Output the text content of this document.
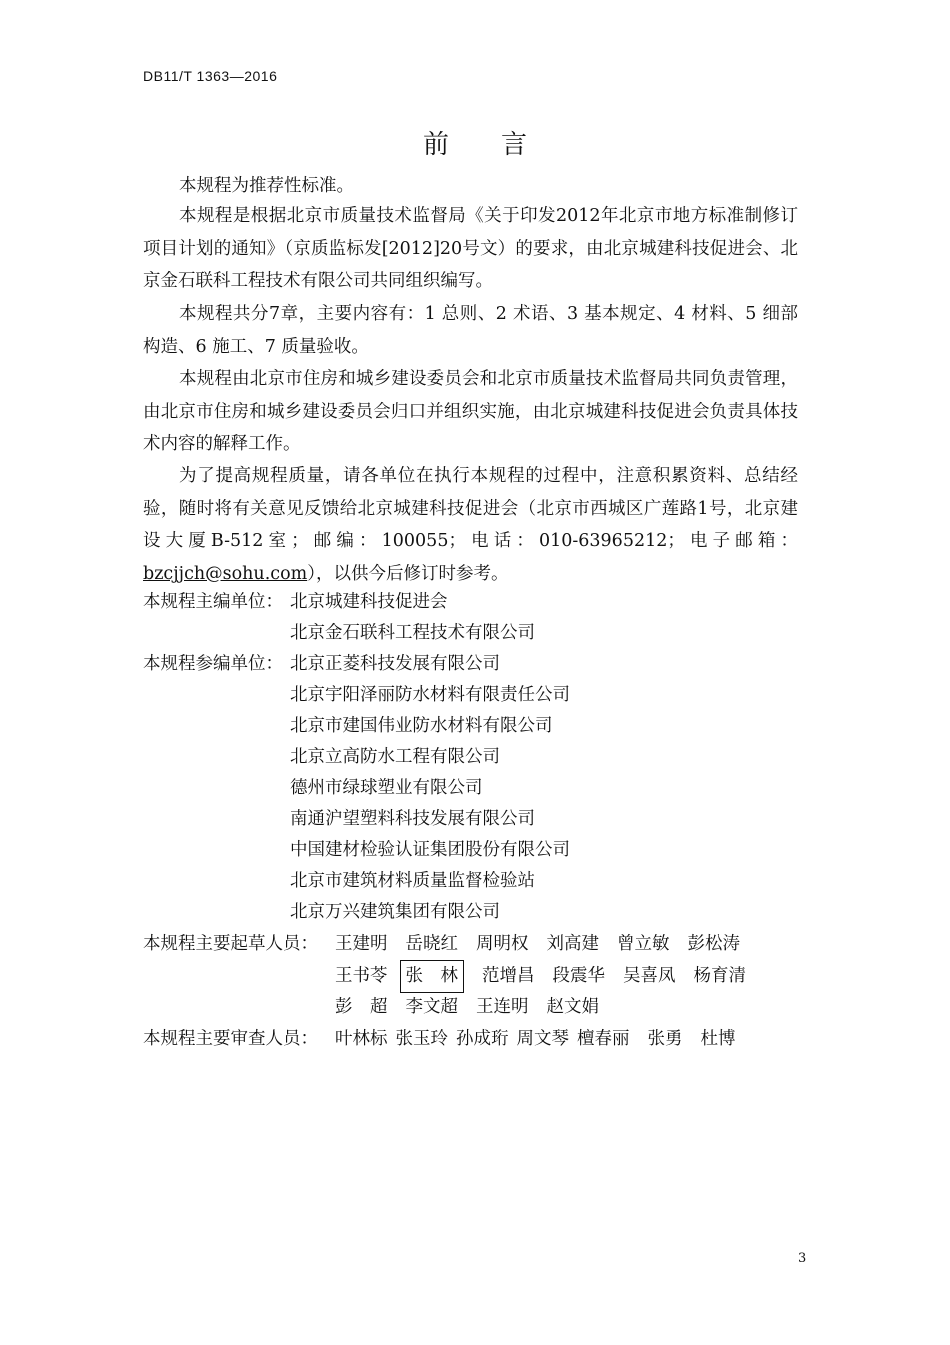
DB11/T 1363—2016
前言

本规程为推荐性标准。

本规程是根据北京市质量技术监督局《关于印发2012年北京市地方标准制修订项目计划的通知》（京质监标发[2012]20号文）的要求，由北京城建科技促进会、北京金石联科工程技术有限公司共同组织编写。

本规程共分7章，主要内容有：1 总则、2 术语、3 基本规定、4 材料、5 细部构造、6 施工、7 质量验收。

本规程由北京市住房和城乡建设委员会和北京市质量技术监督局共同负责管理，由北京市住房和城乡建设委员会归口并组织实施，由北京城建科技促进会负责具体技术内容的解释工作。

为了提高规程质量，请各单位在执行本规程的过程中，注意积累资料、总结经验，随时将有关意见反馈给北京城建科技促进会（北京市西城区广莲路1号，北京建设大厦B-512室；邮编：100055；电话：010-63965212；电子邮箱：bzcjjch@sohu.com），以供今后修订时参考。

本规程主编单位： 北京城建科技促进会
北京金石联科工程技术有限公司
本规程参编单位： 北京正菱科技发展有限公司
北京宇阳泽丽防水材料有限责任公司
北京市建国伟业防水材料有限公司
北京立高防水工程有限公司
德州市绿球塑业有限公司
南通沪望塑料科技发展有限公司
中国建材检验认证集团股份有限公司
北京市建筑材料质量监督检验站
北京万兴建筑集团有限公司
本规程主要起草人员： 王建明 岳晓红 周明权 刘高建 曾立敏 彭松涛
王书苓 张　林 范增昌 段震华 吴喜凤 杨育清
彭　超 李文超 王连明 赵文娟
本规程主要审查人员： 叶林标 张玉玲 孙成珩 周文琴 檀春丽 张勇 杜博
3
